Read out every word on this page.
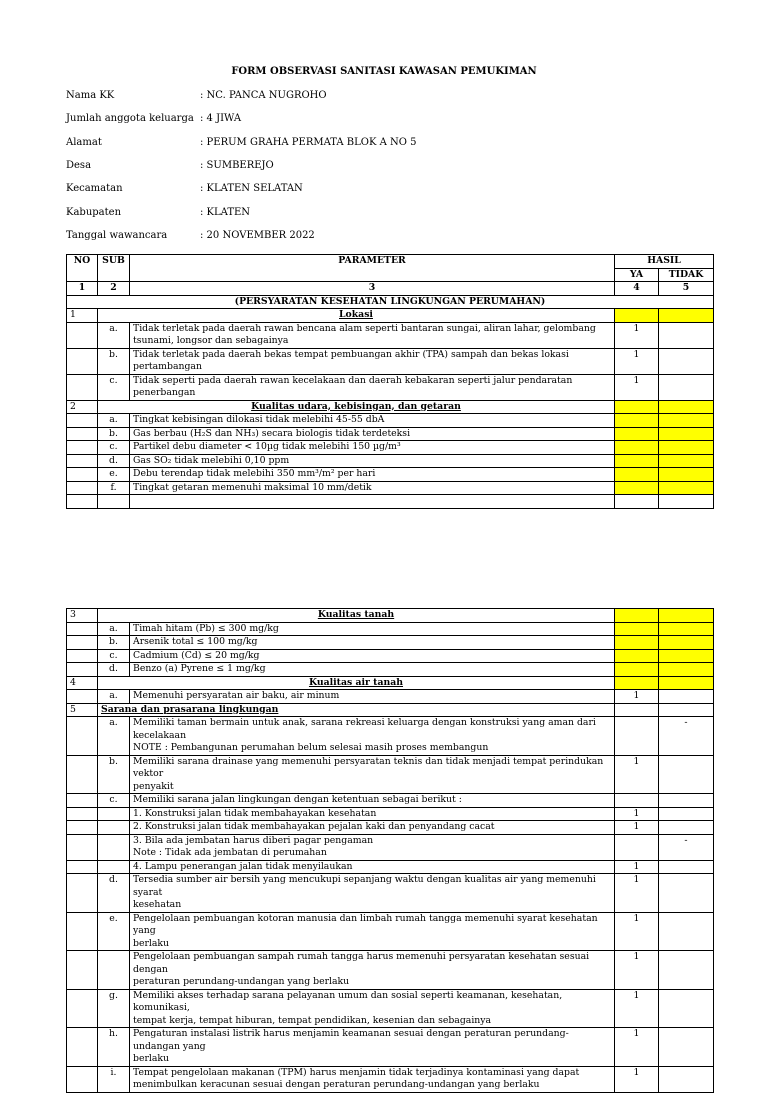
FORM OBSERVASI SANITASI KAWASAN PEMUKIMAN
Nama KK	: NC. PANCA NUGROHO
Jumlah anggota keluarga : 4 JIWA
Alamat	: PERUM GRAHA PERMATA BLOK A NO 5
Desa	: SUMBEREJO
Kecamatan	: KLATEN SELATAN
Kabupaten	: KLATEN
Tanggal wawancara	: 20 NOVEMBER 2022
NO	SUB	PARAMETER	HASIL	
			YA	TIDAK
1	2	3	4	5
(PERSYARATAN KESEHATAN LINGKUNGAN PERUMAHAN)				
1	Lokasi			
	a.	Tidak terletak pada daerah rawan bencana alam seperti bantaran sungai, aliran lahar, gelombang tsunami, longsor dan sebagainya	1	
	b.	Tidak terletak pada daerah bekas tempat pembuangan akhir (TPA) sampah dan bekas lokasi pertambangan	1	
	c.	Tidak seperti pada daerah rawan kecelakaan dan daerah kebakaran seperti jalur pendaratan penerbangan	1	
2	Kualitas udara, kebisingan, dan getaran			
	a.	Tingkat kebisingan dilokasi tidak melebihi 45-55 dbA		
	b.	Gas berbau (H₂S dan NH₃) secara biologis tidak terdeteksi		
	c.	Partikel debu diameter < 10µg tidak melebihi 150 µg/m³		
	d.	Gas SO₂ tidak melebihi 0,10 ppm		
	e.	Debu terendap tidak melebihi 350 mm³/m² per hari		
	f.	Tingkat getaran memenuhi maksimal 10 mm/detik		

3	Kualitas tanah			
	a.	Timah hitam (Pb) ≤ 300 mg/kg		
	b.	Arsenik total ≤ 100 mg/kg		
	c.	Cadmium (Cd) ≤ 20 mg/kg		
	d.	Benzo (a) Pyrene ≤ 1 mg/kg		
4	Kualitas air tanah			
	a.	Memenuhi persyaratan air baku, air minum	1	
5	Sarana dan prasarana lingkungan			
	a.	Memiliki taman bermain untuk anak, sarana rekreasi keluarga dengan konstruksi yang aman dari
kecelakaan
NOTE : Pembangunan perumahan belum selesai masih proses membangun		-
	b.	Memiliki sarana drainase yang memenuhi persyaratan teknis dan tidak menjadi tempat perindukan vektor
penyakit	1	
	c.	Memiliki sarana jalan lingkungan dengan ketentuan sebagai berikut :		
		1. Konstruksi jalan tidak membahayakan kesehatan	1	
		2. Konstruksi jalan tidak membahayakan pejalan kaki dan penyandang cacat	1	

		3. Bila ada jembatan harus diberi pagar pengaman
Note : Tidak ada jembatan di perumahan		-
		4. Lampu penerangan jalan tidak menyilaukan	1	
	d.	Tersedia sumber air bersih yang mencukupi sepanjang waktu dengan kualitas air yang memenuhi syarat
kesehatan	1	
	e.	Pengelolaan pembuangan kotoran manusia dan limbah rumah tangga memenuhi syarat kesehatan yang
berlaku	1	

		Pengelolaan pembuangan sampah rumah tangga harus memenuhi persyaratan kesehatan sesuai dengan
peraturan perundang-undangan yang berlaku	1	
	g.	Memiliki akses terhadap sarana pelayanan umum dan sosial seperti keamanan, kesehatan, komunikasi,
tempat kerja, tempat hiburan, tempat pendidikan, kesenian dan sebagainya	1	
	h.	Pengaturan instalasi listrik harus menjamin keamanan sesuai dengan peraturan perundang-undangan yang
berlaku	1	
	i.	Tempat pengelolaan makanan (TPM) harus menjamin tidak terjadinya kontaminasi yang dapat
menimbulkan keracunan sesuai dengan peraturan perundang-undangan yang berlaku	1	
